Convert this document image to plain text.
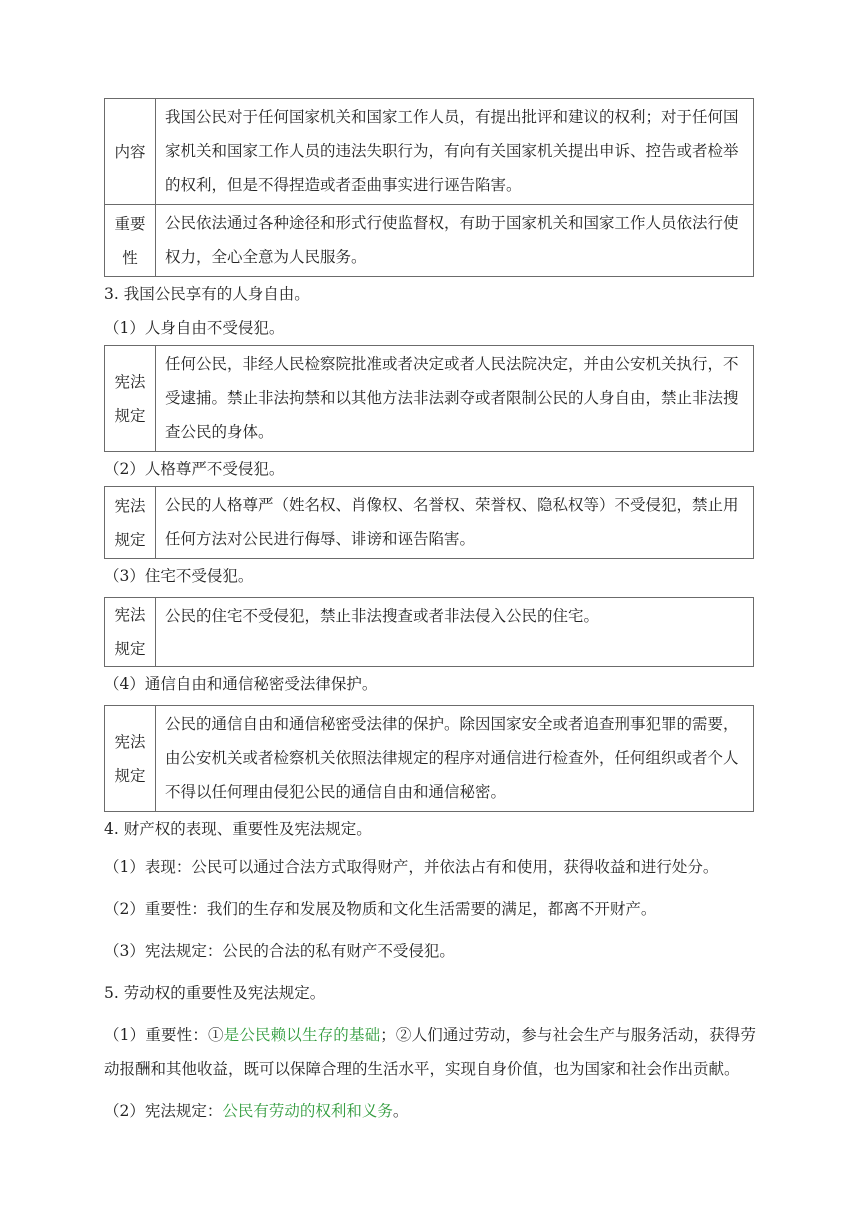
内容	我国公民对于任何国家机关和国家工作人员，有提出批评和建议的权利；对于任何国家机关和国家工作人员的违法失职行为，有向有关国家机关提出申诉、控告或者检举的权利，但是不得捏造或者歪曲事实进行诬告陷害。

重要
性	公民依法通过各种途径和形式行使监督权，有助于国家机关和国家工作人员依法行使权力，全心全意为人民服务。

3. 我国公民享有的人身自由。

（1）人身自由不受侵犯。

宪法
规定
	任何公民，非经人民检察院批准或者决定或者人民法院决定，并由公安机关执行，不受逮捕。禁止非法拘禁和以其他方法非法剥夺或者限制公民的人身自由，禁止非法搜查公民的身体。

（2）人格尊严不受侵犯。

宪法
规定
	公民的人格尊严（姓名权、肖像权、名誉权、荣誉权、隐私权等）不受侵犯，禁止用任何方法对公民进行侮辱、诽谤和诬告陷害。

（3）住宅不受侵犯。

宪法
规定
	公民的住宅不受侵犯，禁止非法搜查或者非法侵入公民的住宅。

（4）通信自由和通信秘密受法律保护。

宪法
规定
	公民的通信自由和通信秘密受法律的保护。除因国家安全或者追查刑事犯罪的需要，由公安机关或者检察机关依照法律规定的程序对通信进行检查外，任何组织或者个人不得以任何理由侵犯公民的通信自由和通信秘密。

4. 财产权的表现、重要性及宪法规定。

（1）表现：公民可以通过合法方式取得财产，并依法占有和使用，获得收益和进行处分。

（2）重要性：我们的生存和发展及物质和文化生活需要的满足，都离不开财产。

（3）宪法规定：公民的合法的私有财产不受侵犯。

5. 劳动权的重要性及宪法规定。

（1）重要性：①是公民赖以生存的基础；②人们通过劳动，参与社会生产与服务活动，获得劳动报酬和其他收益，既可以保障合理的生活水平，实现自身价值，也为国家和社会作出贡献。

（2）宪法规定：公民有劳动的权利和义务。
